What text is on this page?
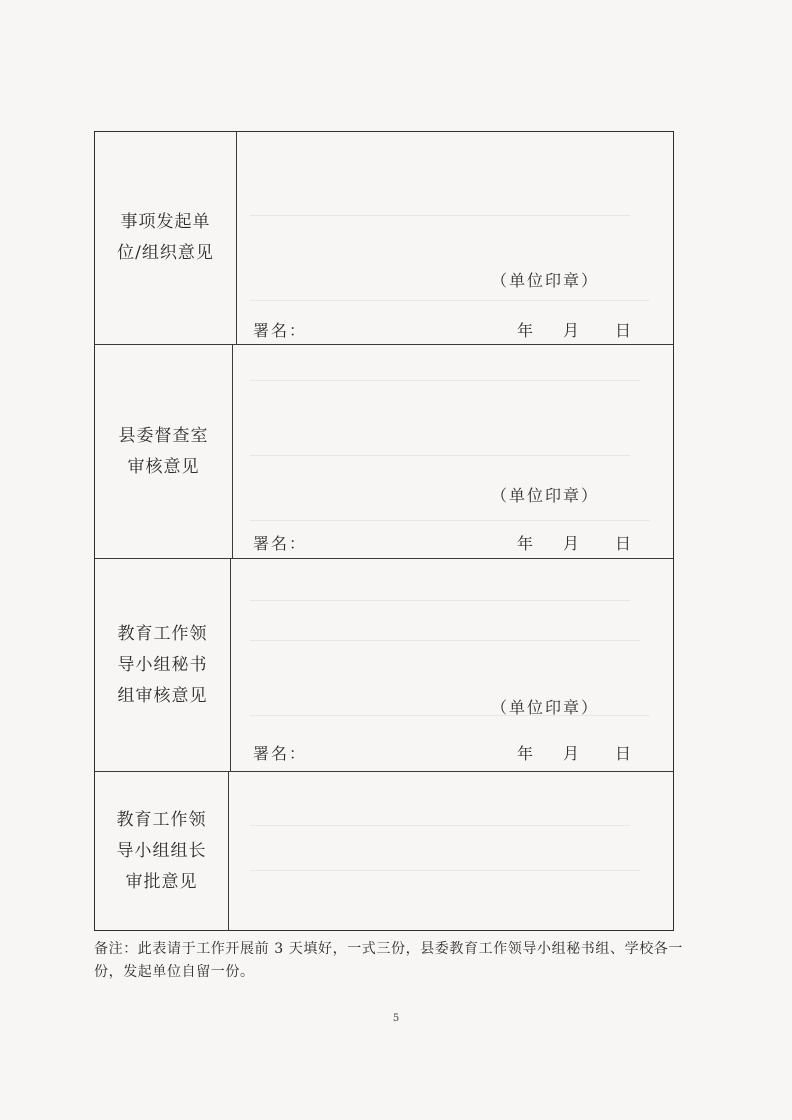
事项发起单位/组织意见
（单位印章）
署名：	年 月 日
县委督查室审核意见
（单位印章）
署名：	年 月 日
教育工作领导小组秘书组审核意见
（单位印章）
署名：	年 月 日
教育工作领导小组组长审批意见
备注：此表请于工作开展前 3 天填好，一式三份，县委教育工作领导小组秘书组、学校各一份，发起单位自留一份。
5
